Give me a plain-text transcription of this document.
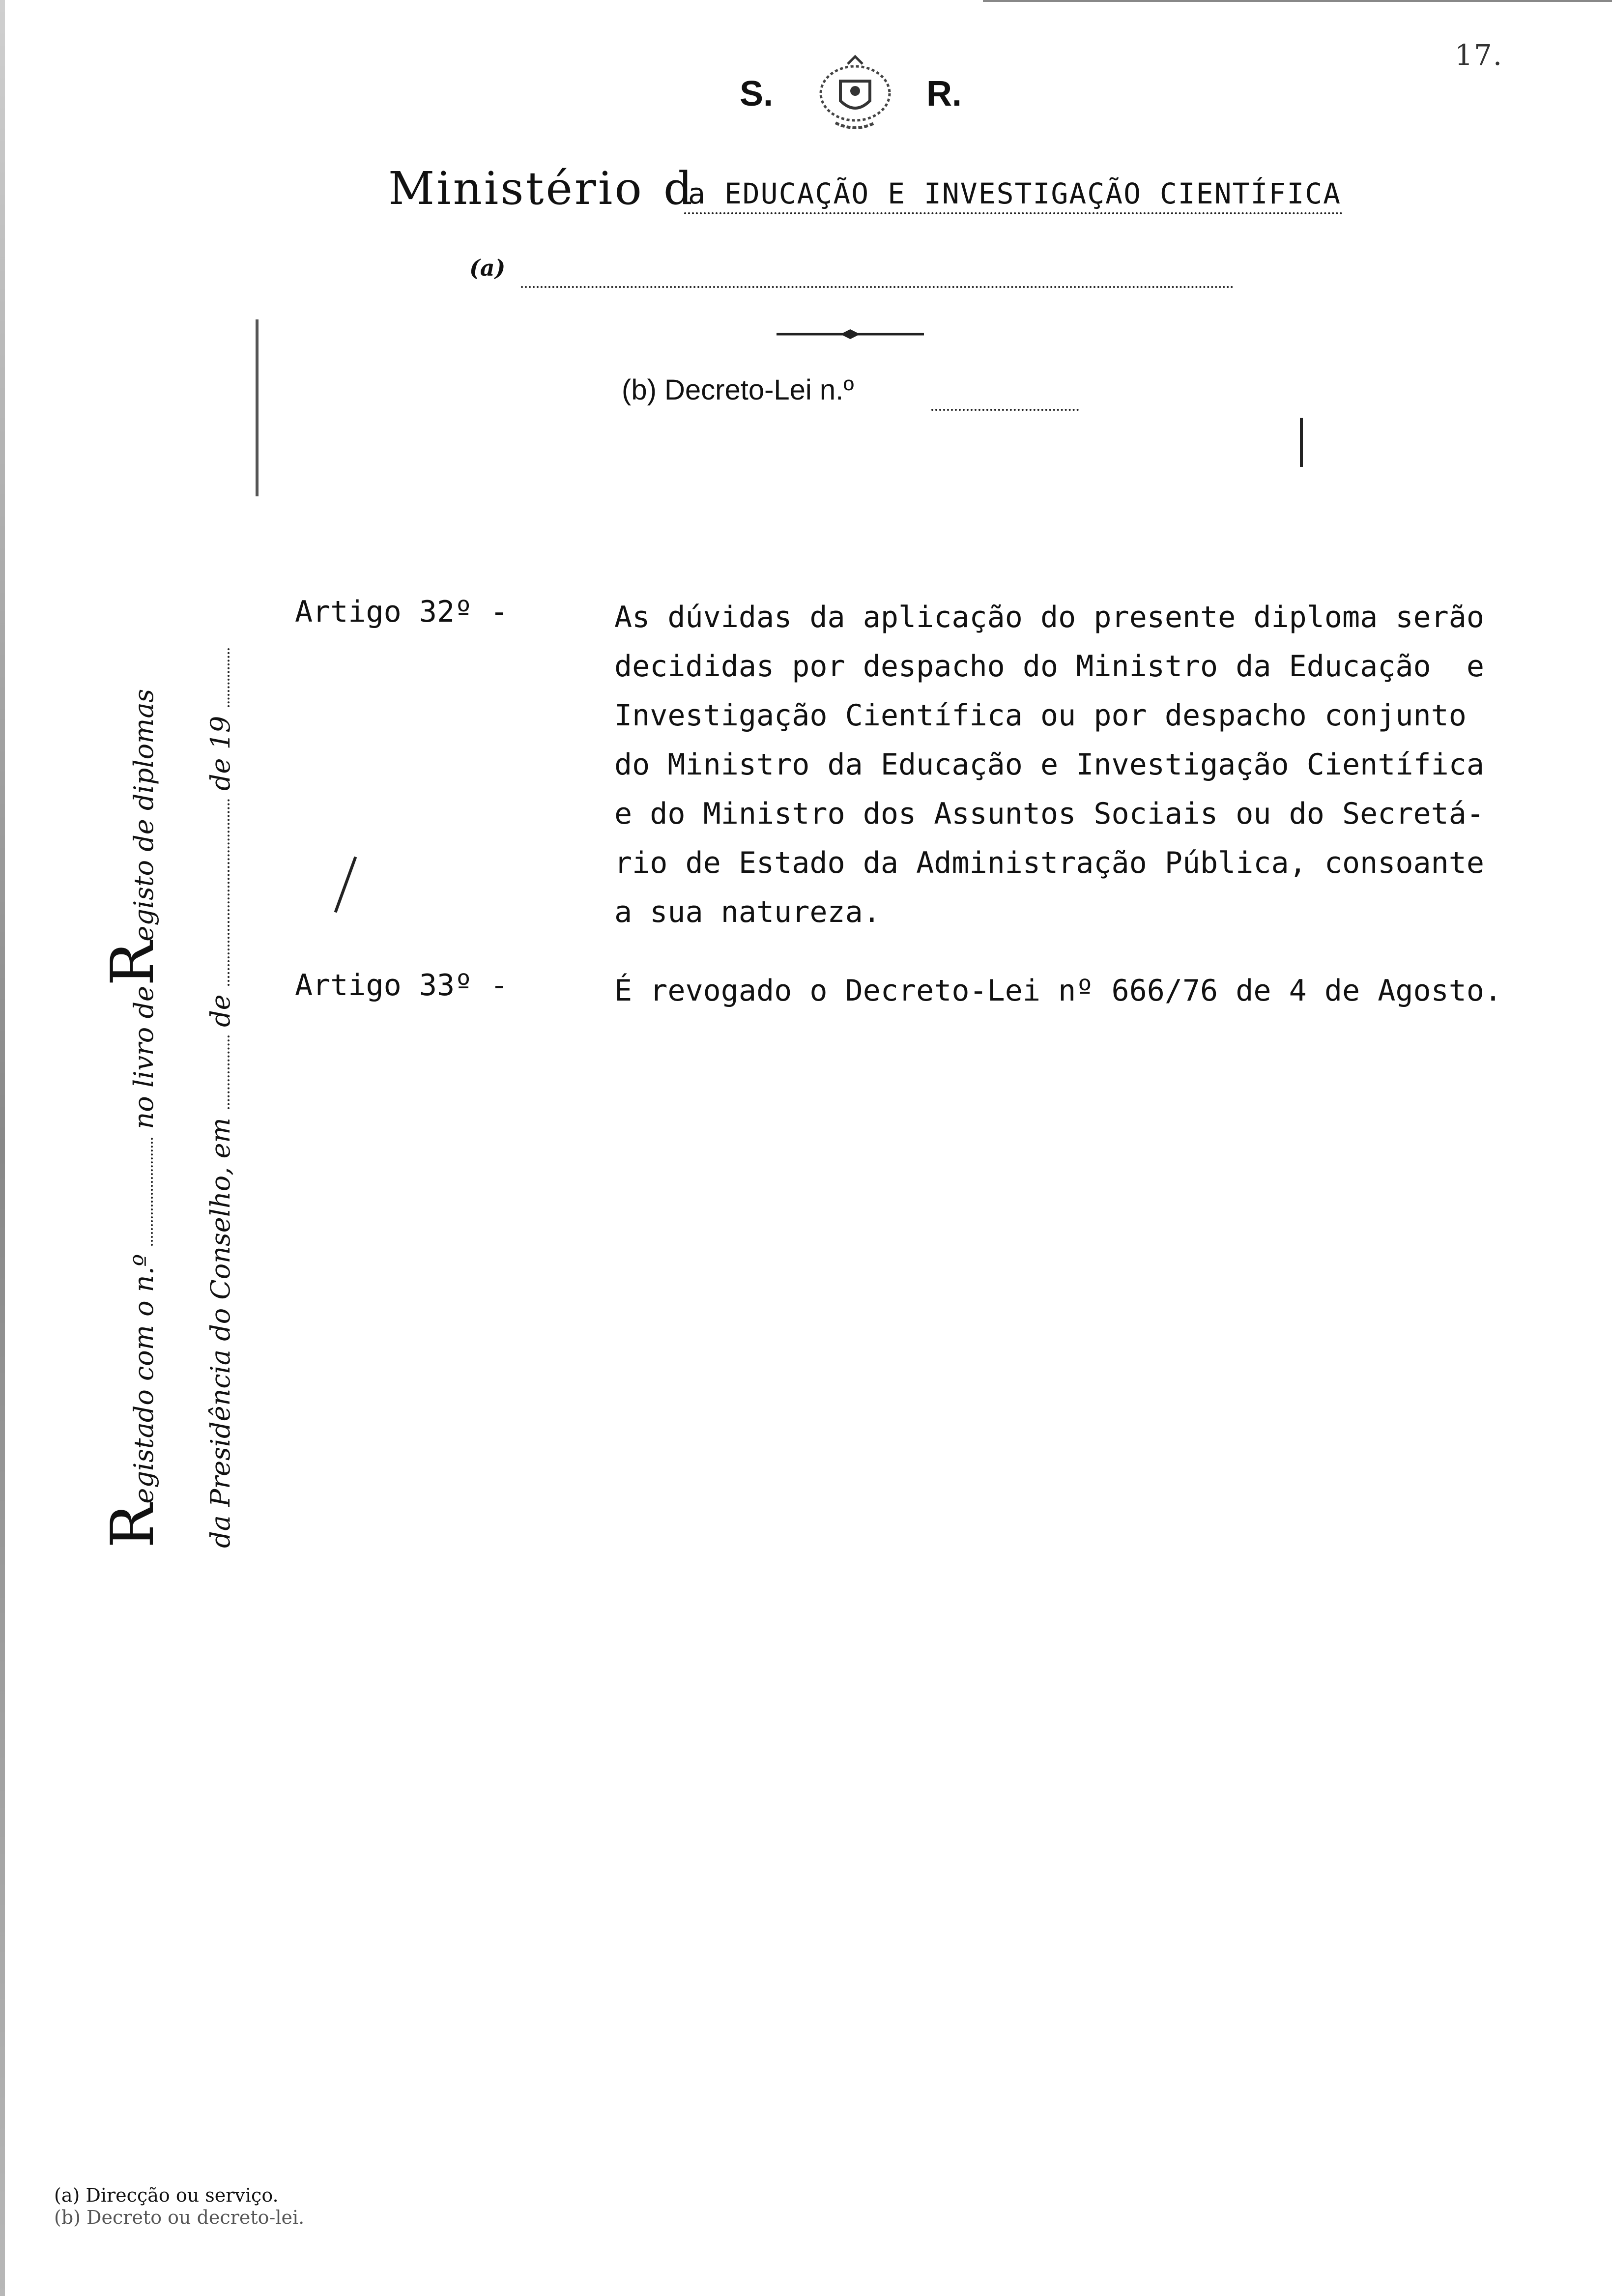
17.
S.	R.
Ministério d
a EDUCAÇÃO E INVESTIGAÇÃO CIENTÍFICA
(a)
(b) Decreto-Lei n.º
Artigo 32º -	As dúvidas da aplicação do presente diploma serão
decididas por despacho do Ministro da Educação  e
Investigação Científica ou por despacho conjunto
do Ministro da Educação e Investigação Científica
e do Ministro dos Assuntos Sociais ou do Secretá-
rio de Estado da Administração Pública, consoante
a sua natureza.
Artigo 33º -	É revogado o Decreto-Lei nº 666/76 de 4 de Agosto.
Registado com o n.º  no livro deRegisto de diplomas
da Presidência do Conselho, em  de  de 19
(a) Direcção ou serviço.
(b) Decreto ou decreto-lei.
